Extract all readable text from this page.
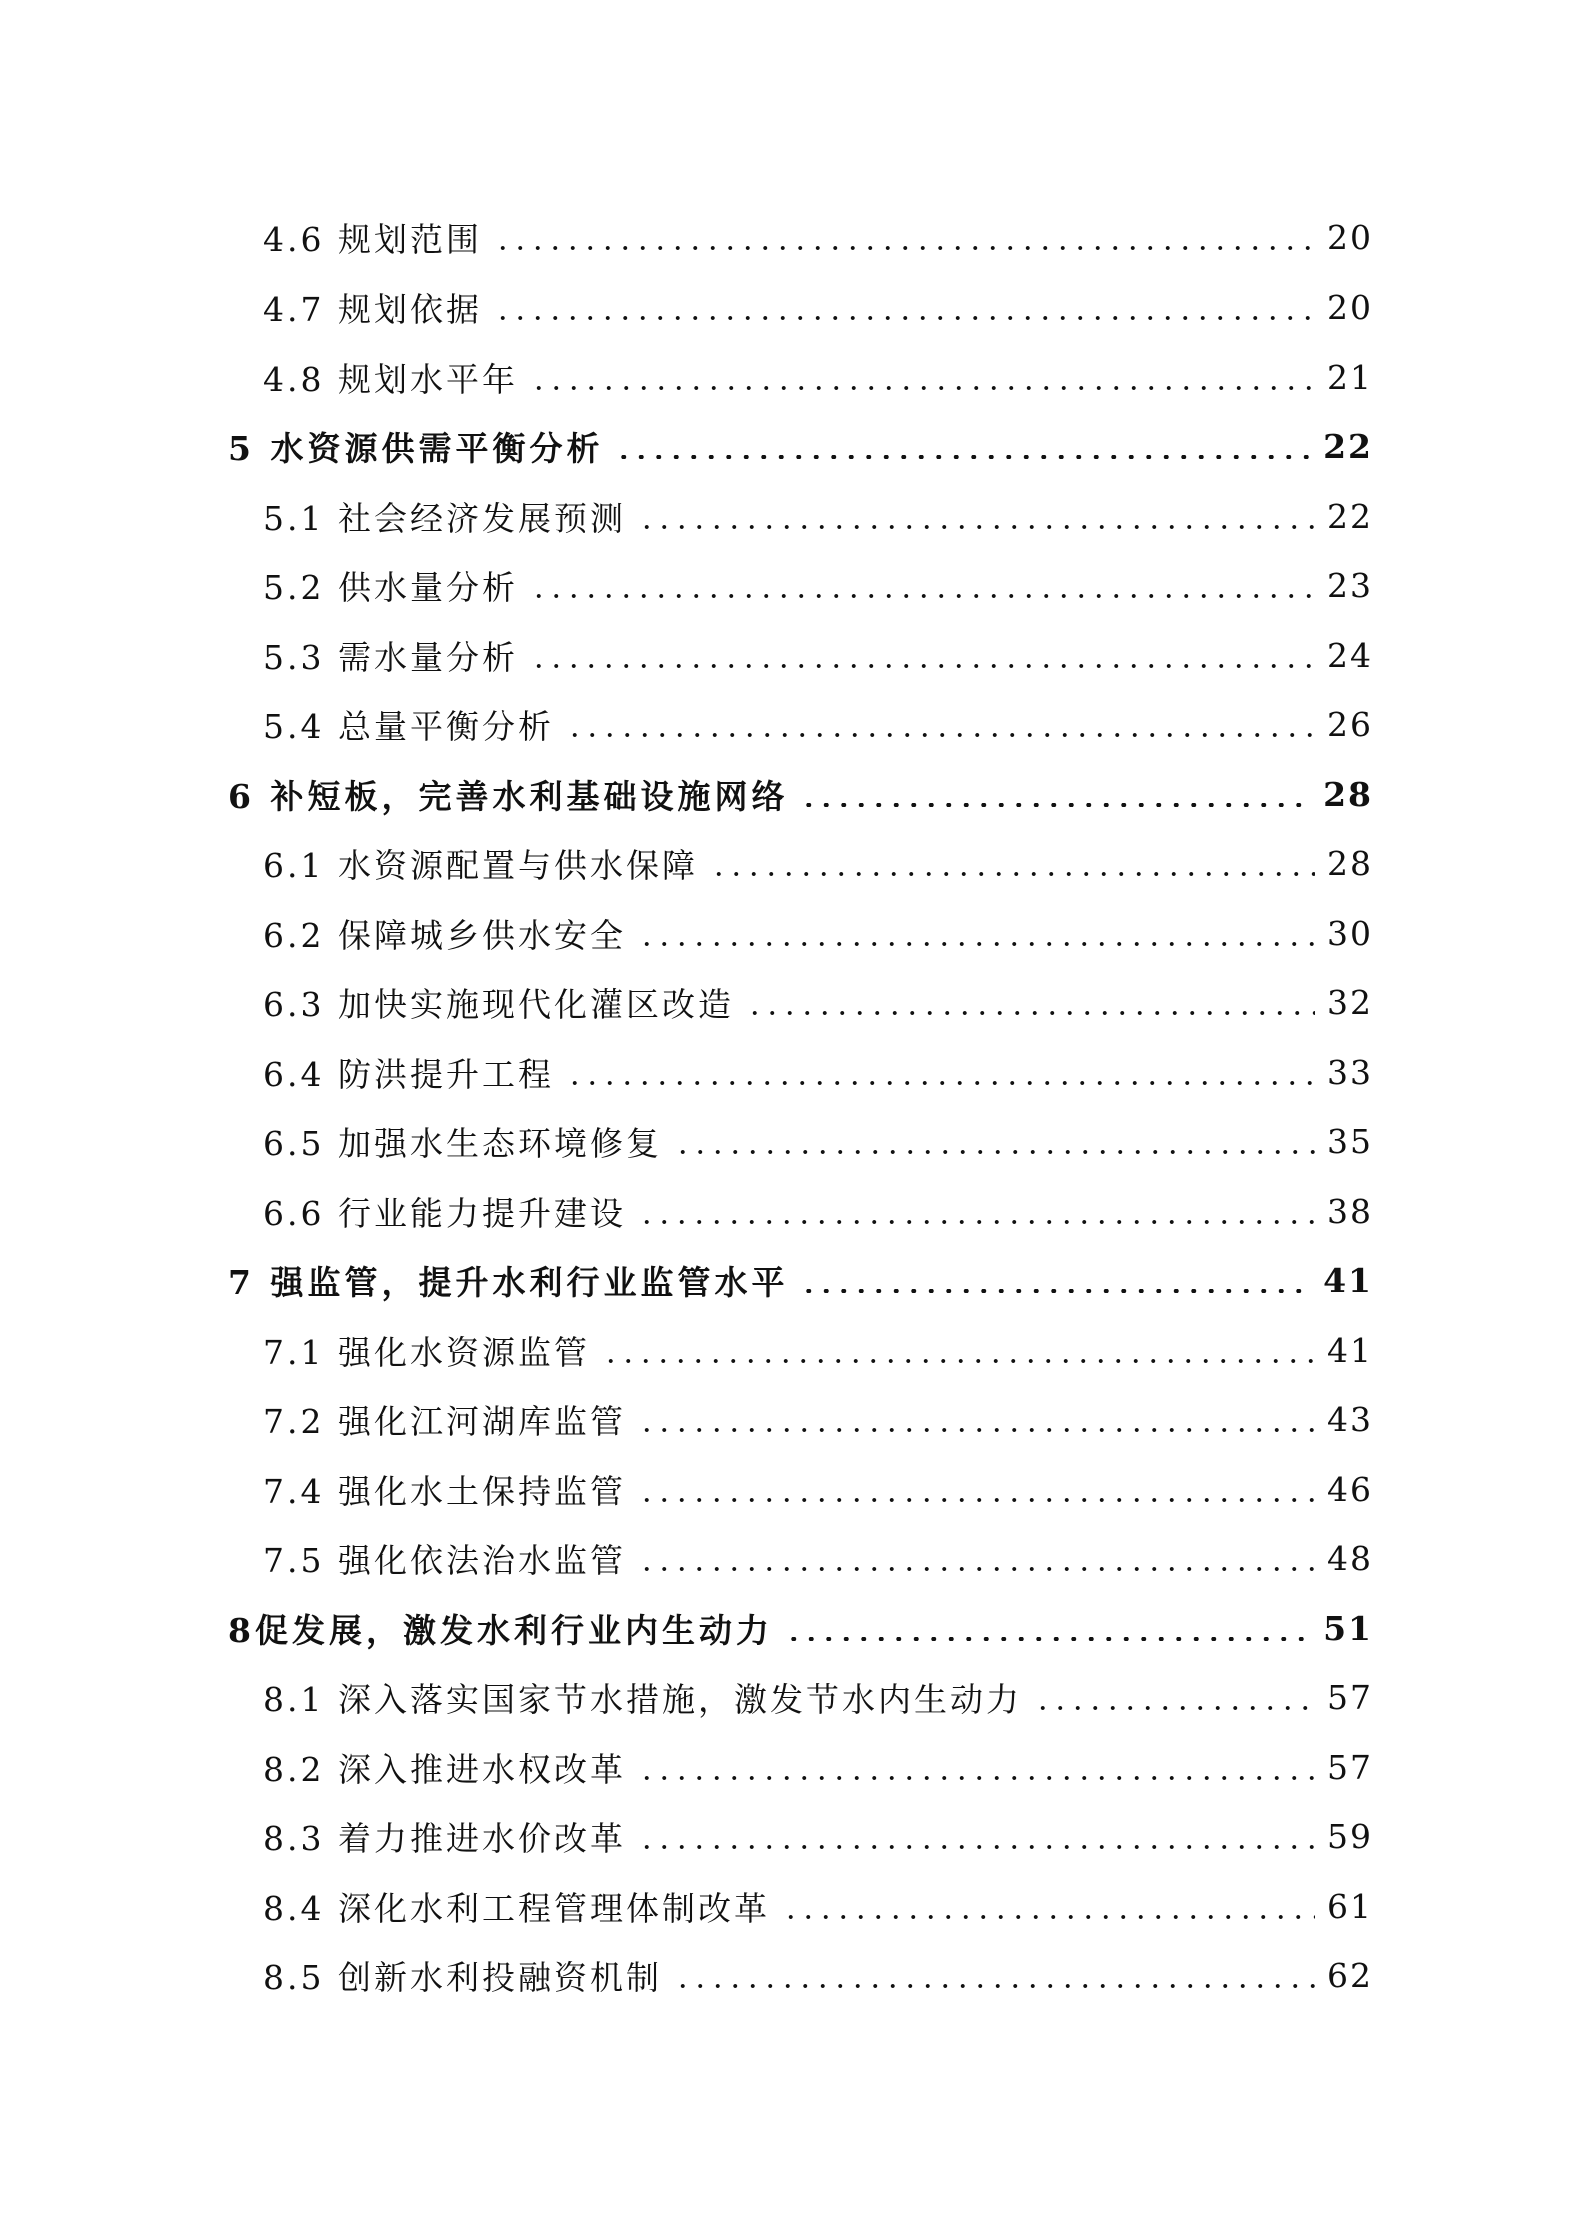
4.6 规划范围	20
4.7 规划依据	20
4.8 规划水平年	21
5 水资源供需平衡分析	22
5.1 社会经济发展预测	22
5.2 供水量分析	23
5.3 需水量分析	24
5.4 总量平衡分析	26
6 补短板，完善水利基础设施网络	28
6.1 水资源配置与供水保障	28
6.2 保障城乡供水安全	30
6.3 加快实施现代化灌区改造	32
6.4 防洪提升工程	33
6.5 加强水生态环境修复	35
6.6 行业能力提升建设	38
7 强监管，提升水利行业监管水平	41
7.1 强化水资源监管	41
7.2 强化江河湖库监管	43
7.4 强化水土保持监管	46
7.5 强化依法治水监管	48
8促发展，激发水利行业内生动力	51
8.1 深入落实国家节水措施，激发节水内生动力	57
8.2 深入推进水权改革	57
8.3 着力推进水价改革	59
8.4 深化水利工程管理体制改革	61
8.5 创新水利投融资机制	62
